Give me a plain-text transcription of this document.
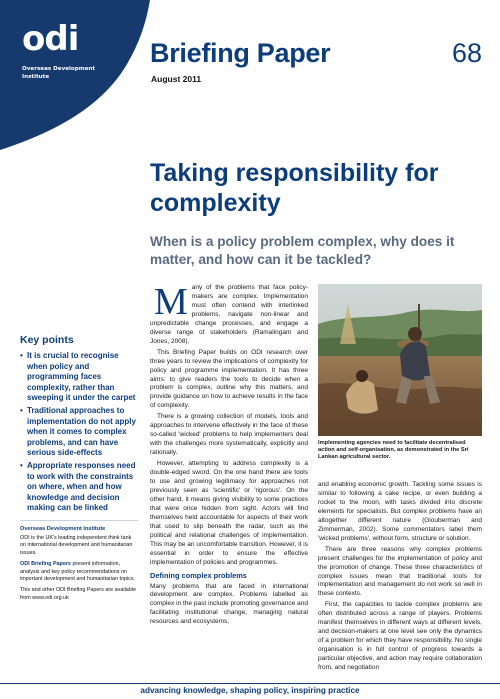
odi
Overseas Development Institute
Briefing Paper	68
August 2011
Taking responsibility for complexity
When is a policy problem complex, why does it matter, and how can it be tackled?
Key points
• It is crucial to recognise when policy and programming faces complexity, rather than sweeping it under the carpet
• Traditional approaches to implementation do not apply when it comes to complex problems, and can have serious side-effects
• Appropriate responses need to work with the constraints on where, when and how knowledge and decision making can be linked
Overseas Development Institute

ODI is the UK's leading independent think tank on international development and humanitarian issues.

ODI Briefing Papers present information, analysis and key policy recommendations on important development and humanitarian topics.

This and other ODI Briefing Papers are available from www.odi.org.uk

Many of the problems that face policy-makers are complex. Implementation must often contend with interlinked problems, navigate non-linear and unpredictable change processes, and engage a diverse range of stakeholders (Ramalingam and Jones, 2008).

This Briefing Paper builds on ODI research over three years to review the implications of complexity for policy and programme implementation. It has three aims: to give readers the tools to decide when a problem is complex, outline why this matters, and provide guidance on how to achieve results in the face of complexity.

There is a growing collection of models, tools and approaches to intervene effectively in the face of these so-called 'wicked' problems to help implementers deal with the challenges more systematically, explicitly and rationally.

However, attempting to address complexity is a double-edged sword. On the one hand there are tools to use and growing legitimacy for approaches not previously seen as 'scientific' or 'rigorous'. On the other hand, it means giving visibility to some practices that were once hidden from sight. Actors will find themselves held accountable for aspects of their work that used to slip beneath the radar, such as the political and relational challenges of implementation. This may be an uncomfortable transition. However, it is essential in order to ensure the effective implementation of policies and programmes.

Defining complex problems

Many problems that are faced in international development are complex. Problems labelled as complex in the past include promoting governance and facilitating institutional change, managing natural resources and ecosystems,

Implementing agencies need to facilitate decentralised action and self-organisation, as demonstrated in the Sri Lankan agricultural sector.

and enabling economic growth. Tackling some issues is similar to following a cake recipe, or even building a rocket to the moon, with tasks divided into discrete elements for specialists. But complex problems have an altogether different nature (Glouberman and Zimmerman, 2002). Some commentators label them 'wicked problems', without form, structure or solution.

There are three reasons why complex problems present challenges for the implementation of policy and the promotion of change. These three characteristics of complex issues mean that traditional tools for implementation and management do not work so well in these contexts.

First, the capacities to tackle complex problems are often distributed across a range of players. Problems manifest themselves in different ways at different levels, and decision-makers at one level see only the dynamics of a problem for which they have responsibility. No single organisation is in full control of progress towards a particular objective, and action may require collaboration from, and negotiation

advancing knowledge, shaping policy, inspiring practice
